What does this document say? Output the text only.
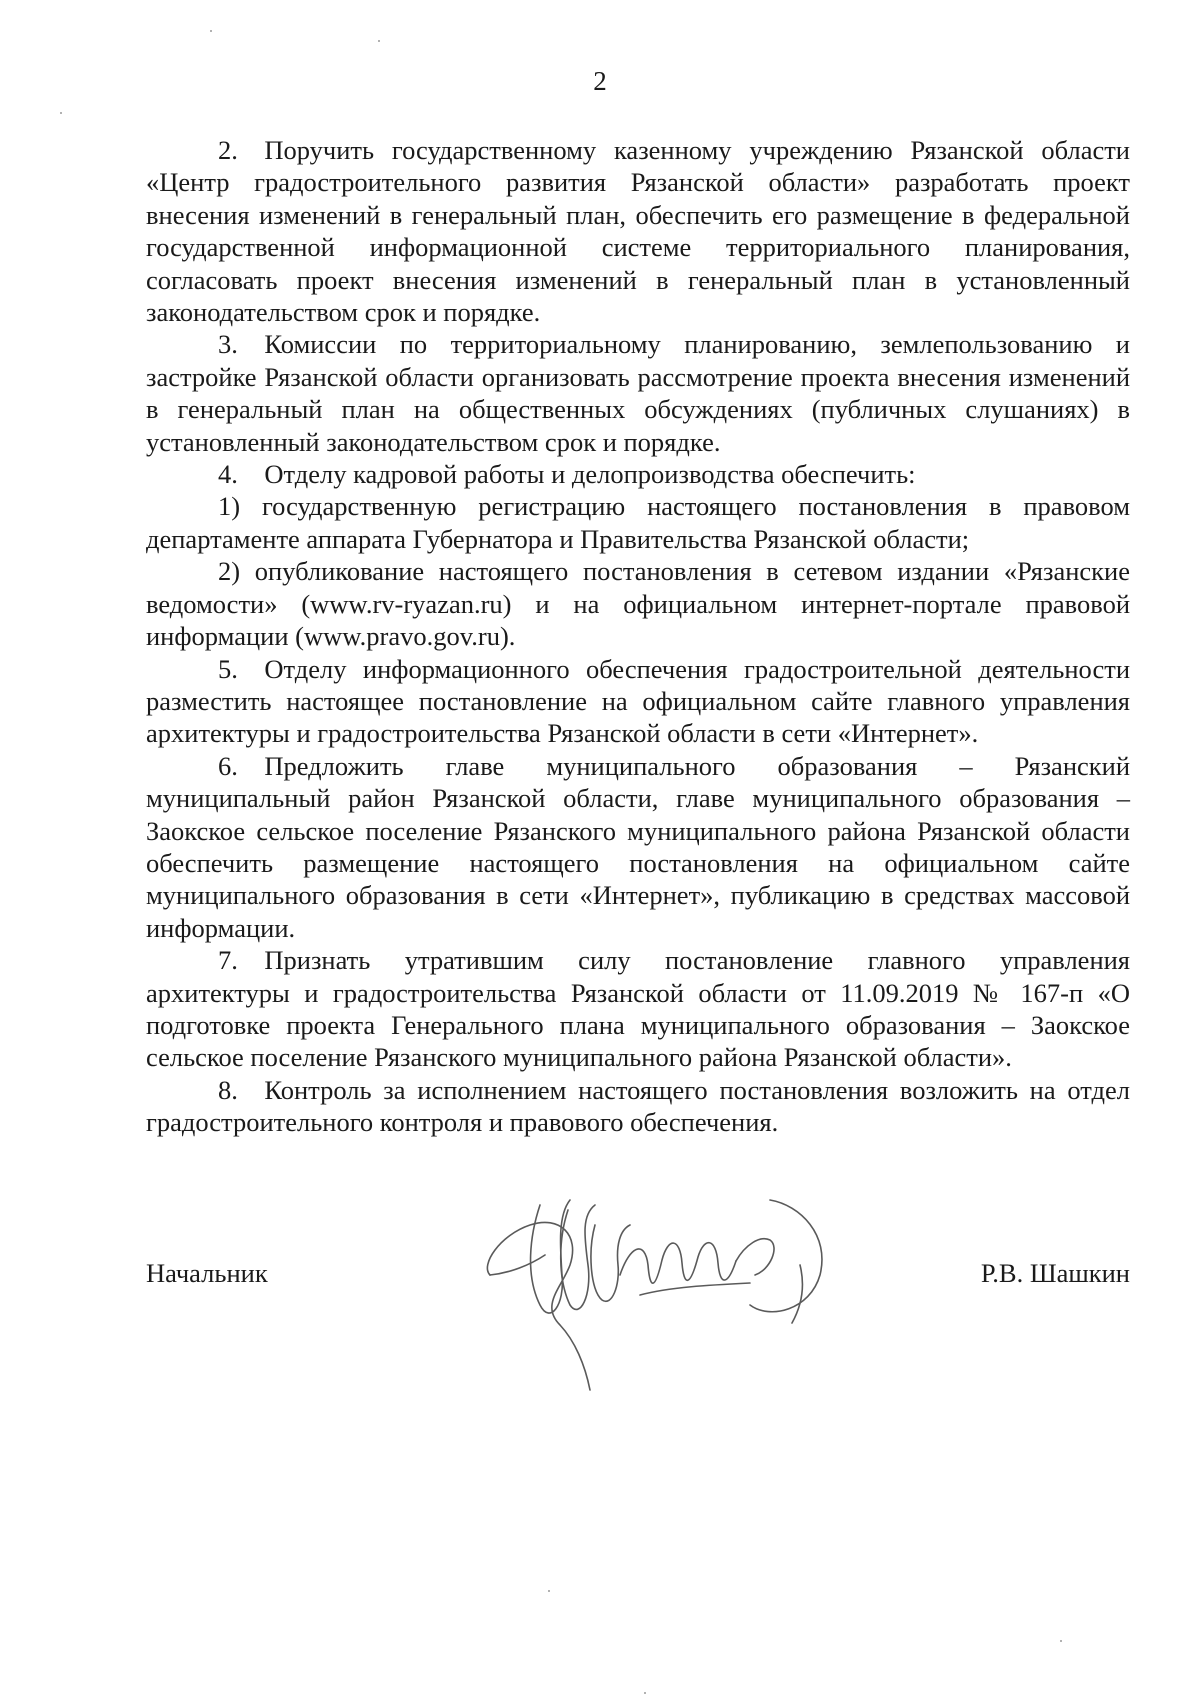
2

2. Поручить государственному казенному учреждению Рязанской области «Центр градостроительного развития Рязанской области» разработать проект внесения изменений в генеральный план, обеспечить его размещение в федеральной государственной информационной системе территориального планирования, согласовать проект внесения изменений в генеральный план в установленный законодательством срок и порядке.

3. Комиссии по территориальному планированию, землепользованию и застройке Рязанской области организовать рассмотрение проекта внесения изменений в генеральный план на общественных обсуждениях (публичных слушаниях) в установленный законодательством срок и порядке.

4. Отделу кадровой работы и делопроизводства обеспечить:

1) государственную регистрацию настоящего постановления в правовом департаменте аппарата Губернатора и Правительства Рязанской области;

2) опубликование настоящего постановления в сетевом издании «Рязанские ведомости» (www.rv-ryazan.ru) и на официальном интернет-портале правовой информации (www.pravo.gov.ru).

5. Отделу информационного обеспечения градостроительной деятельности разместить настоящее постановление на официальном сайте главного управления архитектуры и градостроительства Рязанской области в сети «Интернет».

6. Предложить главе муниципального образования – Рязанский муниципальный район Рязанской области, главе муниципального образования – Заокское сельское поселение Рязанского муниципального района Рязанской области обеспечить размещение настоящего постановления на официальном сайте муниципального образования в сети «Интернет», публикацию в средствах массовой информации.

7. Признать утратившим силу постановление главного управления архитектуры и градостроительства Рязанской области от 11.09.2019 № 167-п «О подготовке проекта Генерального плана муниципального образования – Заокское сельское поселение Рязанского муниципального района Рязанской области».

8. Контроль за исполнением настоящего постановления возложить на отдел градостроительного контроля и правового обеспечения.

Начальник	Р.В. Шашкин
